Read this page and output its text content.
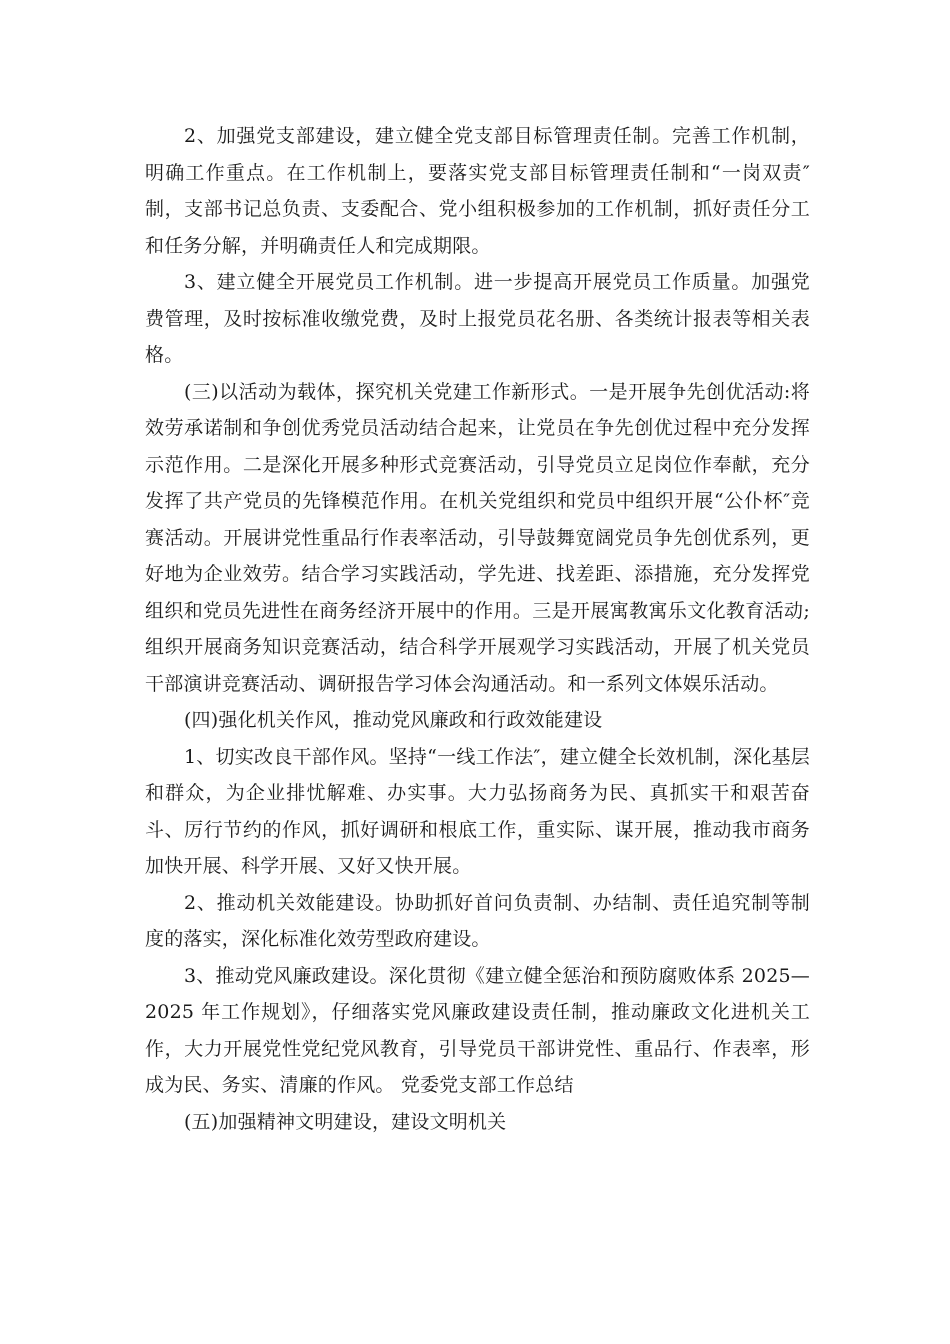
2、加强党支部建设，建立健全党支部目标管理责任制。完善工作机制，明确工作重点。在工作机制上，要落实党支部目标管理责任制和“一岗双责″制，支部书记总负责、支委配合、党小组积极参加的工作机制，抓好责任分工和任务分解，并明确责任人和完成期限。

3、建立健全开展党员工作机制。进一步提高开展党员工作质量。加强党费管理，及时按标准收缴党费，及时上报党员花名册、各类统计报表等相关表格。

(三)以活动为载体，探究机关党建工作新形式。一是开展争先创优活动:将效劳承诺制和争创优秀党员活动结合起来，让党员在争先创优过程中充分发挥示范作用。二是深化开展多种形式竞赛活动，引导党员立足岗位作奉献，充分发挥了共产党员的先锋模范作用。在机关党组织和党员中组织开展“公仆杯″竞赛活动。开展讲党性重品行作表率活动，引导鼓舞宽阔党员争先创优系列，更好地为企业效劳。结合学习实践活动，学先进、找差距、添措施，充分发挥党组织和党员先进性在商务经济开展中的作用。三是开展寓教寓乐文化教育活动;组织开展商务知识竞赛活动，结合科学开展观学习实践活动，开展了机关党员干部演讲竞赛活动、调研报告学习体会沟通活动。和一系列文体娱乐活动。

(四)强化机关作风，推动党风廉政和行政效能建设

1、切实改良干部作风。坚持“一线工作法″，建立健全长效机制，深化基层和群众，为企业排忧解难、办实事。大力弘扬商务为民、真抓实干和艰苦奋斗、厉行节约的作风，抓好调研和根底工作，重实际、谋开展，推动我市商务加快开展、科学开展、又好又快开展。

2、推动机关效能建设。协助抓好首问负责制、办结制、责任追究制等制度的落实，深化标准化效劳型政府建设。

3、推动党风廉政建设。深化贯彻《建立健全惩治和预防腐败体系 2025—2025 年工作规划》，仔细落实党风廉政建设责任制，推动廉政文化进机关工作，大力开展党性党纪党风教育，引导党员干部讲党性、重品行、作表率，形成为民、务实、清廉的作风。 党委党支部工作总结

(五)加强精神文明建设，建设文明机关
